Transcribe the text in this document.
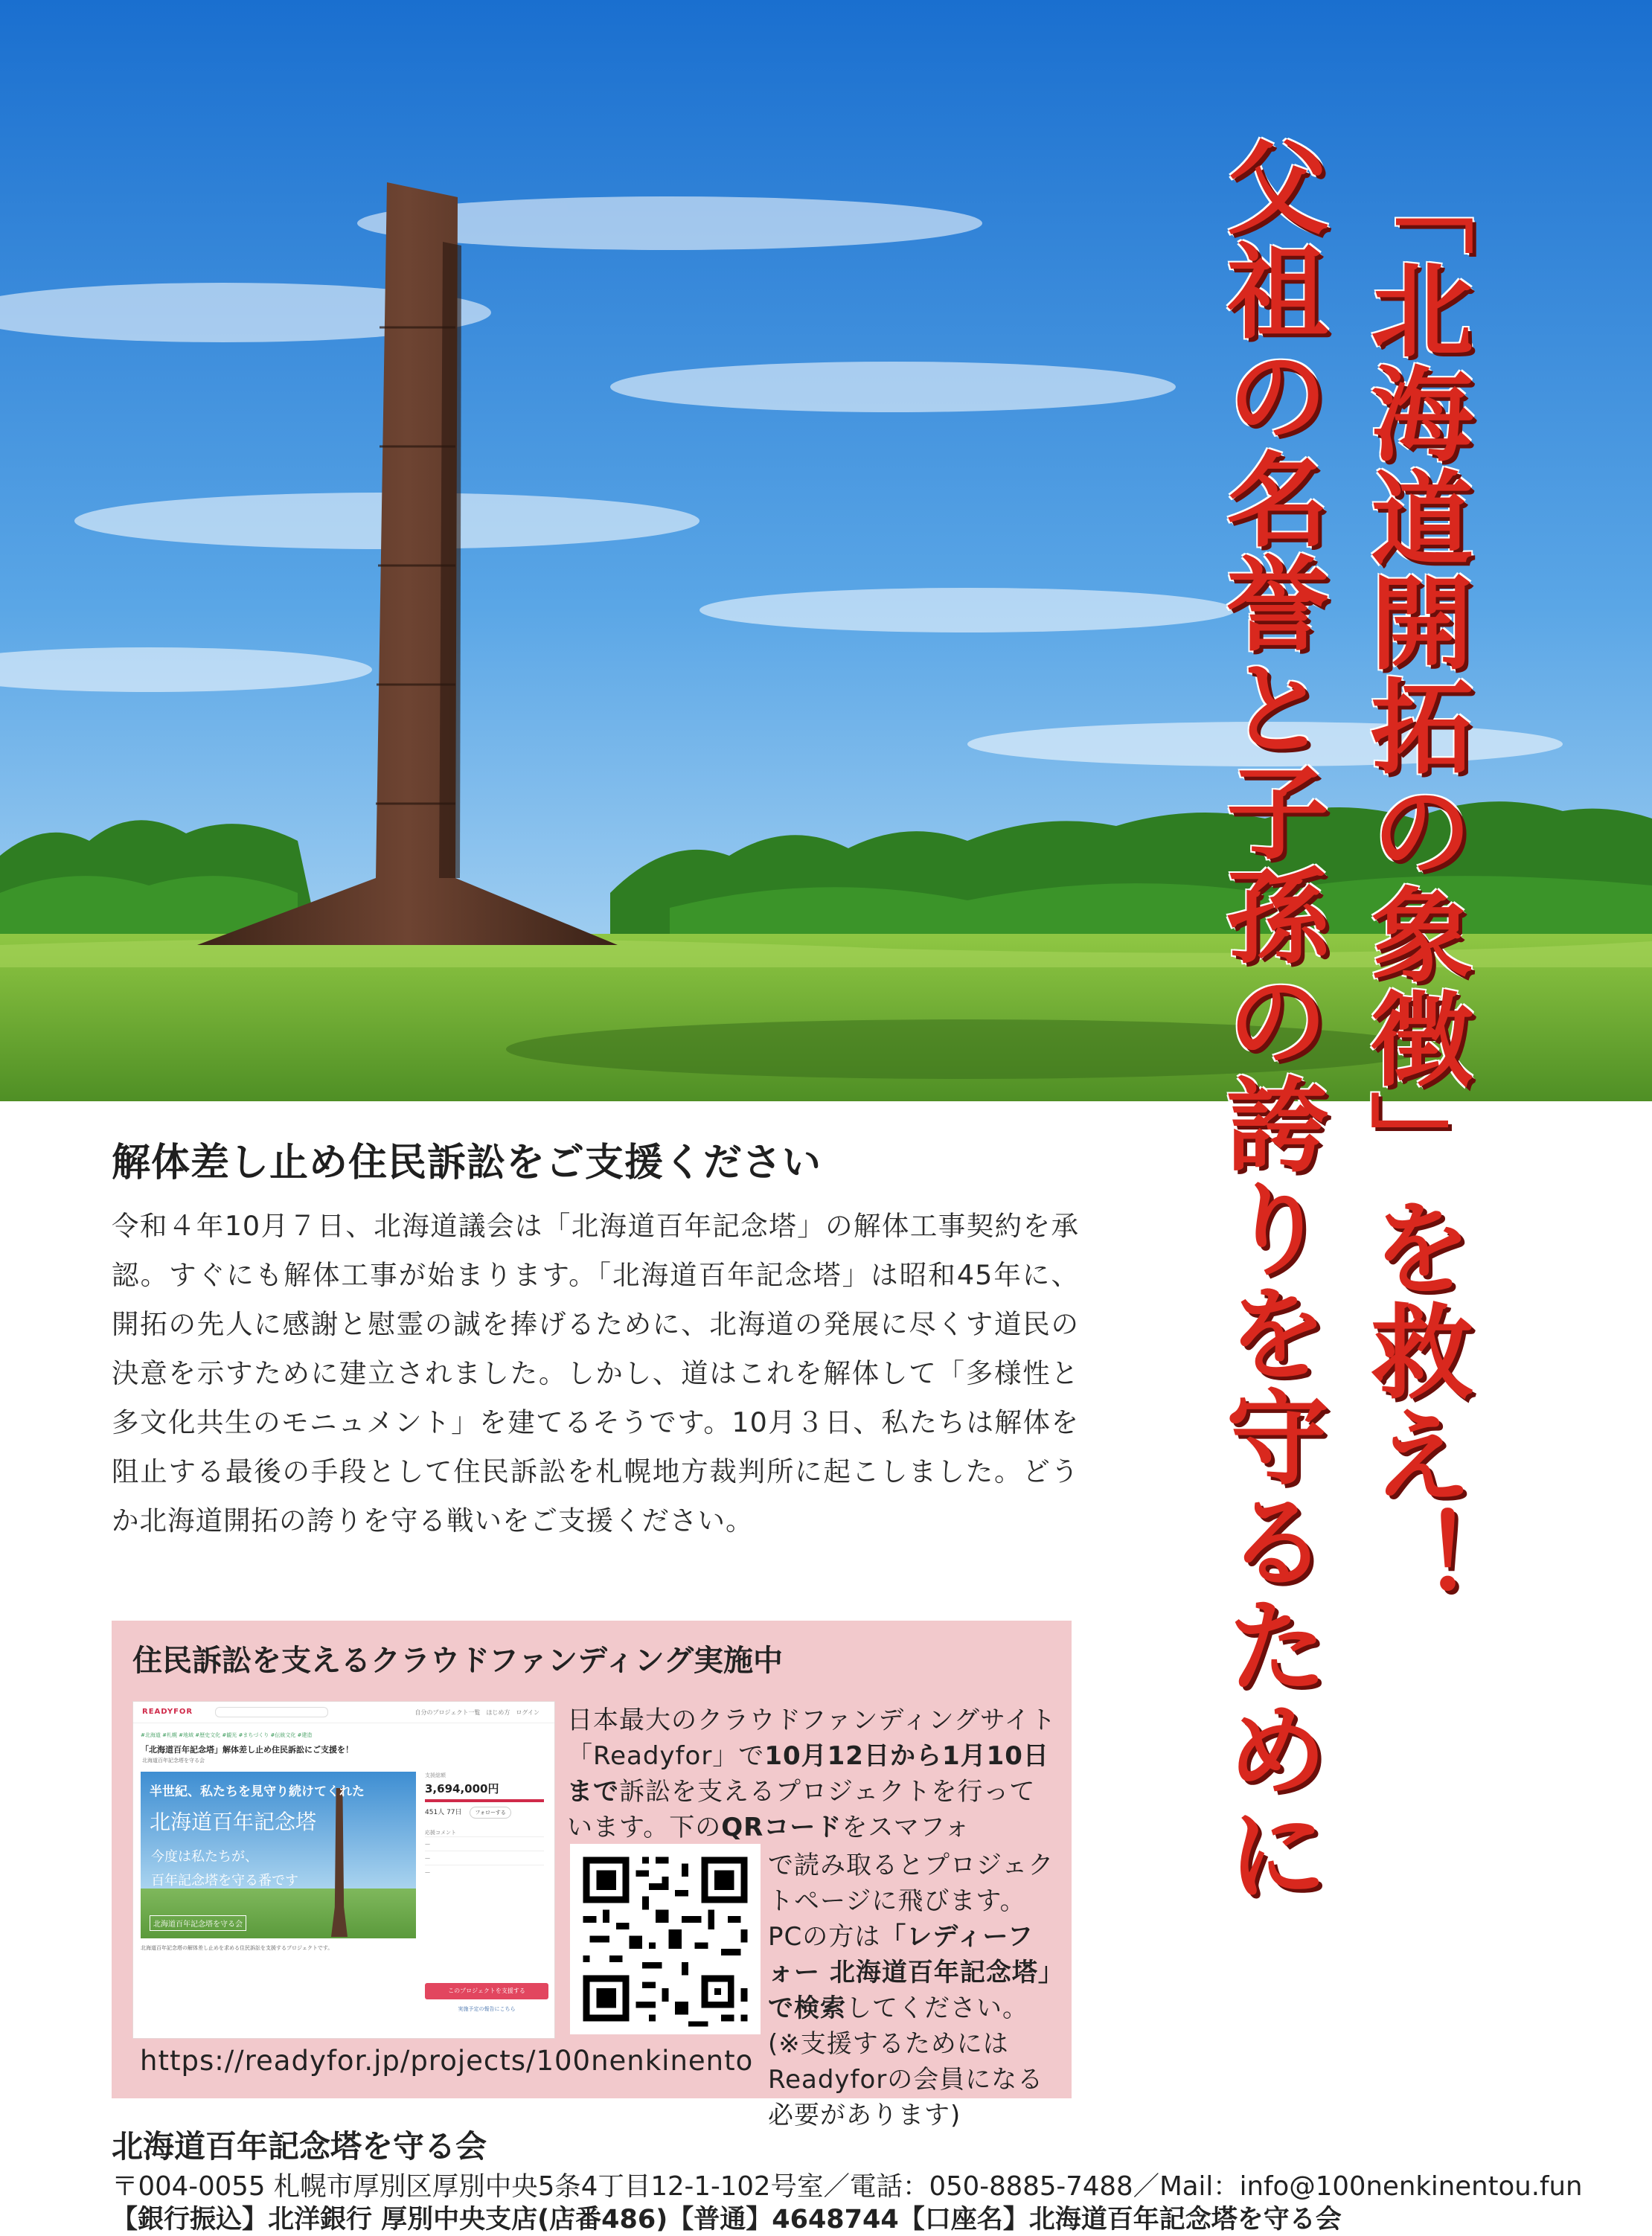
「北海道開拓の象徴」を救え！
父祖の名誉と子孫の誇りを守るために
解体差し止め住民訴訟をご支援ください
令和４年10月７日、北海道議会は「北海道百年記念塔」の解体工事契約を承認。すぐにも解体工事が始まります。「北海道百年記念塔」は昭和45年に、開拓の先人に感謝と慰霊の誠を捧げるために、北海道の発展に尽くす道民の決意を示すために建立されました。しかし、道はこれを解体して「多様性と多文化共生のモニュメント」を建てるそうです。10月３日、私たちは解体を阻止する最後の手段として住民訴訟を札幌地方裁判所に起こしました。どうか北海道開拓の誇りを守る戦いをご支援ください。
住民訴訟を支えるクラウドファンディング実施中
READYFOR	自分のプロジェクト一覧　ほじめ方　ログイン
#北海道 #札幌 #地域 #歴史文化 #観光 #まちづくり #伝統文化 #建造
「北海道百年記念塔」解体差し止め住民訴訟にご支援を！
北海道百年記念塔を守る会
半世紀、私たちを見守り続けてくれた
北海道百年記念塔
今度は私たちが、
百年記念塔を守る番です
北海道百年記念塔を守る会
支援総額
3,694,000円
451人 77日	フォローする
応援コメント
—
—
—
このプロジェクトを支援する
実施予定の報告にこちら
北海道百年記念塔の解体差し止めを求める住民訴訟を支援するプロジェクトです。
日本最大のクラウドファンディングサイト「Readyfor」で10月12日から1月10日まで訴訟を支えるプロジェクトを行っています。下のQRコードをスマフォ
で読み取るとプロジェクトページに飛びます。PCの方は「レディーフォー 北海道百年記念塔」で検索してください。(※支援するためにはReadyforの会員になる必要があります)
https://readyfor.jp/projects/100nenkinento
北海道百年記念塔を守る会
〒004-0055 札幌市厚別区厚別中央5条4丁目12-1-102号室／電話：050-8885-7488／Mail：info@100nenkinentou.fun
【銀行振込】北洋銀行 厚別中央支店(店番486)【普通】4648744【口座名】北海道百年記念塔を守る会
